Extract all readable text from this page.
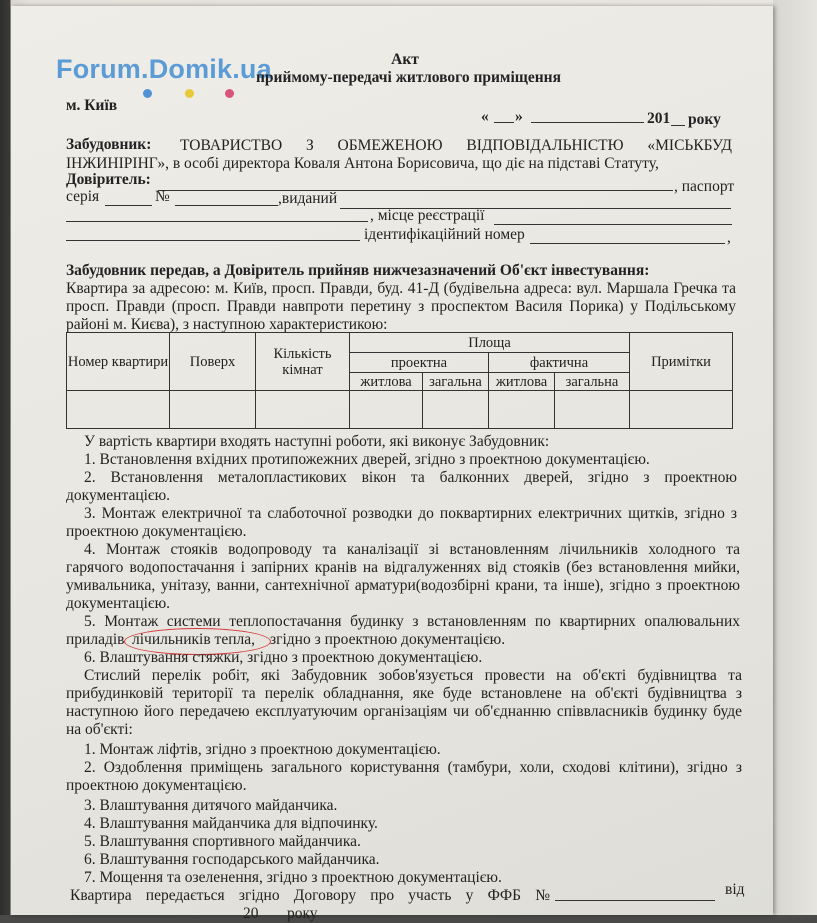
Forum.Domik.ua	Акт
приймому-передачі житлового приміщення
м. Київ
« »	201 року
Забудовник: ТОВАРИСТВО З ОБМЕЖЕНОЮ ВІДПОВІДАЛЬНІСТЮ «МІСЬКБУД
ІНЖИНІРІНГ», в особі директора Коваля Антона Борисовича, що діє на підставі Статуту,
Довіритель:	, паспорт
серія	№	,виданий
, місце реєстрації
ідентифікаційний номер	,
Забудовник передав, а Довіритель прийняв нижчезазначений Об'єкт інвестування:
Квартира за адресою: м. Київ, просп. Правди, буд. 41-Д (будівельна адреса: вул. Маршала Гречка та
просп. Правди (просп. Правди навпроти перетину з проспектом Василя Порика) у Подільському
районі м. Києва), з наступною характеристикою:
Номер квартири	Поверх	Кількість кімнат	Площа				Примітки
			проектна		фактична		
			житлова	загальна	житлова	загальна	

У вартість квартири входять наступні роботи, які виконує Забудовник:
1. Встановлення вхідних протипожежних дверей, згідно з проектною документацією.
2. Встановлення металопластикових вікон та балконних дверей, згідно з проектною
документацією.
3. Монтаж електричної та слаботочної розводки до поквартирних електричних щитків, згідно з
проектною документацією.
4. Монтаж стояків водопроводу та каналізації зі встановленням лічильників холодного та
гарячого водопостачання і запірних кранів на відгалуженнях від стояків (без встановлення мийки,
умивальника, унітазу, ванни, сантехнічної арматури(водозбірні крани, та інше), згідно з проектною
документацією.
5. Монтаж системи теплопостачання будинку з встановленням по квартирних опалювальних
приладів лічильників тепла, згідно з проектною документацією.
6. Влаштування стяжки, згідно з проектною документацією.
Стислий перелік робіт, які Забудовник зобов'язується провести на об'єкті будівництва та
прибудинковій території та перелік обладнання, яке буде встановлене на об'єкті будівництва з
наступною його передачею експлуатуючим організаціям чи об'єднанню співвласників будинку буде
на об'єкті:
1. Монтаж ліфтів, згідно з проектною документацією.
2. Оздоблення приміщень загального користування (тамбури, холи, сходові клітини), згідно з
проектною документацією.
3. Влаштування дитячого майданчика.
4. Влаштування майданчика для відпочинку.
5. Влаштування спортивного майданчика.
6. Влаштування господарського майданчика.
7. Мощення та озеленення, згідно з проектною документацією.
Квартира передається згідно Договору про участь у ФФБ №	від
20 року
